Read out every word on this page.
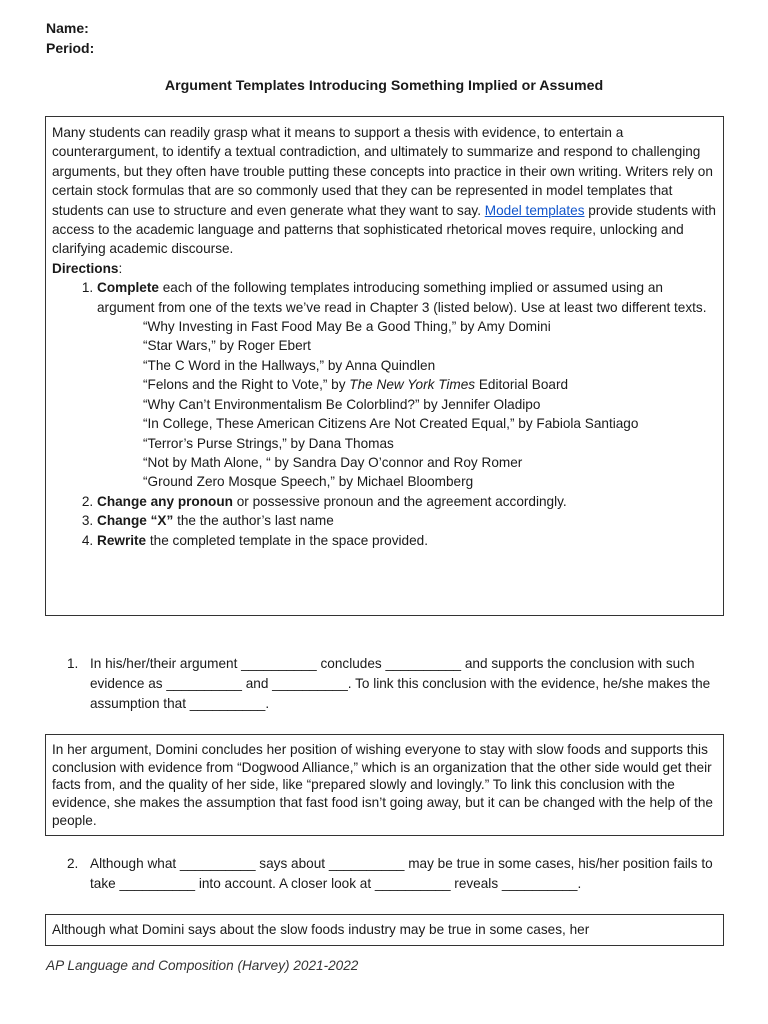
Name:
Period:
Argument Templates Introducing Something Implied or Assumed

Many students can readily grasp what it means to support a thesis with evidence, to entertain a counterargument, to identify a textual contradiction, and ultimately to summarize and respond to challenging arguments, but they often have trouble putting these concepts into practice in their own writing. Writers rely on certain stock formulas that are so commonly used that they can be represented in model templates that students can use to structure and even generate what they want to say. Model templates provide students with access to the academic language and patterns that sophisticated rhetorical moves require, unlocking and clarifying academic discourse.

Directions:

1. Complete each of the following templates introducing something implied or assumed using an argument from one of the texts we’ve read in Chapter 3 (listed below). Use at least two different texts.
“Why Investing in Fast Food May Be a Good Thing,” by Amy Domini
“Star Wars,” by Roger Ebert
“The C Word in the Hallways,” by Anna Quindlen
“Felons and the Right to Vote,” by The New York Times Editorial Board
“Why Can’t Environmentalism Be Colorblind?” by Jennifer Oladipo
“In College, These American Citizens Are Not Created Equal,” by Fabiola Santiago
“Terror’s Purse Strings,” by Dana Thomas
“Not by Math Alone, “ by Sandra Day O’connor and Roy Romer
“Ground Zero Mosque Speech,” by Michael Bloomberg
2. Change any pronoun or possessive pronoun and the agreement accordingly.
3. Change “X” the the author’s last name
4. Rewrite the completed template in the space provided.
1. In his/her/their argument __________ concludes __________ and supports the conclusion with such evidence as __________ and __________. To link this conclusion with the evidence, he/she makes the assumption that __________.
In her argument, Domini concludes her position of wishing everyone to stay with slow foods and supports this conclusion with evidence from “Dogwood Alliance,” which is an organization that the other side would get their facts from, and the quality of her side, like “prepared slowly and lovingly.” To link this conclusion with the evidence, she makes the assumption that fast food isn’t going away, but it can be changed with the help of the people.
2. Although what __________ says about __________ may be true in some cases, his/her position fails to take __________ into account. A closer look at __________ reveals __________.
Although what Domini says about the slow foods industry may be true in some cases, her
AP Language and Composition (Harvey) 2021-2022
